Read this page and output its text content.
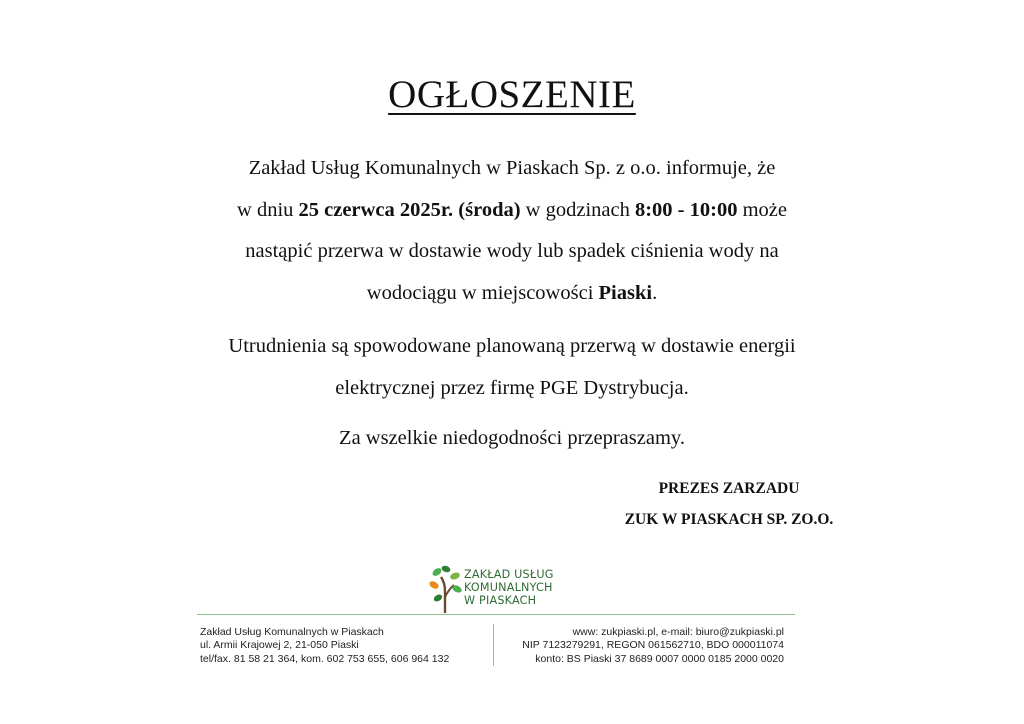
OGŁOSZENIE
Zakład Usług Komunalnych w Piaskach Sp. z o.o. informuje, że
w dniu 25 czerwca 2025r. (środa) w godzinach 8:00 - 10:00 może
nastąpić przerwa w dostawie wody lub spadek ciśnienia wody na
wodociągu w miejscowości Piaski.
Utrudnienia są spowodowane planowaną przerwą w dostawie energii
elektrycznej przez firmę PGE Dystrybucja.
Za wszelkie niedogodności przepraszamy.
PREZES ZARZADU
ZUK W PIASKACH SP. ZO.O.
ZAKŁAD USŁUG
KOMUNALNYCH
W PIASKACH
Zakład Usług Komunalnych w Piaskach
ul. Armii Krajowej 2, 21-050 Piaski
tel/fax. 81 58 21 364, kom. 602 753 655, 606 964 132
www: zukpiaski.pl, e-mail: biuro@zukpiaski.pl
NIP 7123279291, REGON 061562710, BDO 000011074
konto: BS Piaski 37 8689 0007 0000 0185 2000 0020
